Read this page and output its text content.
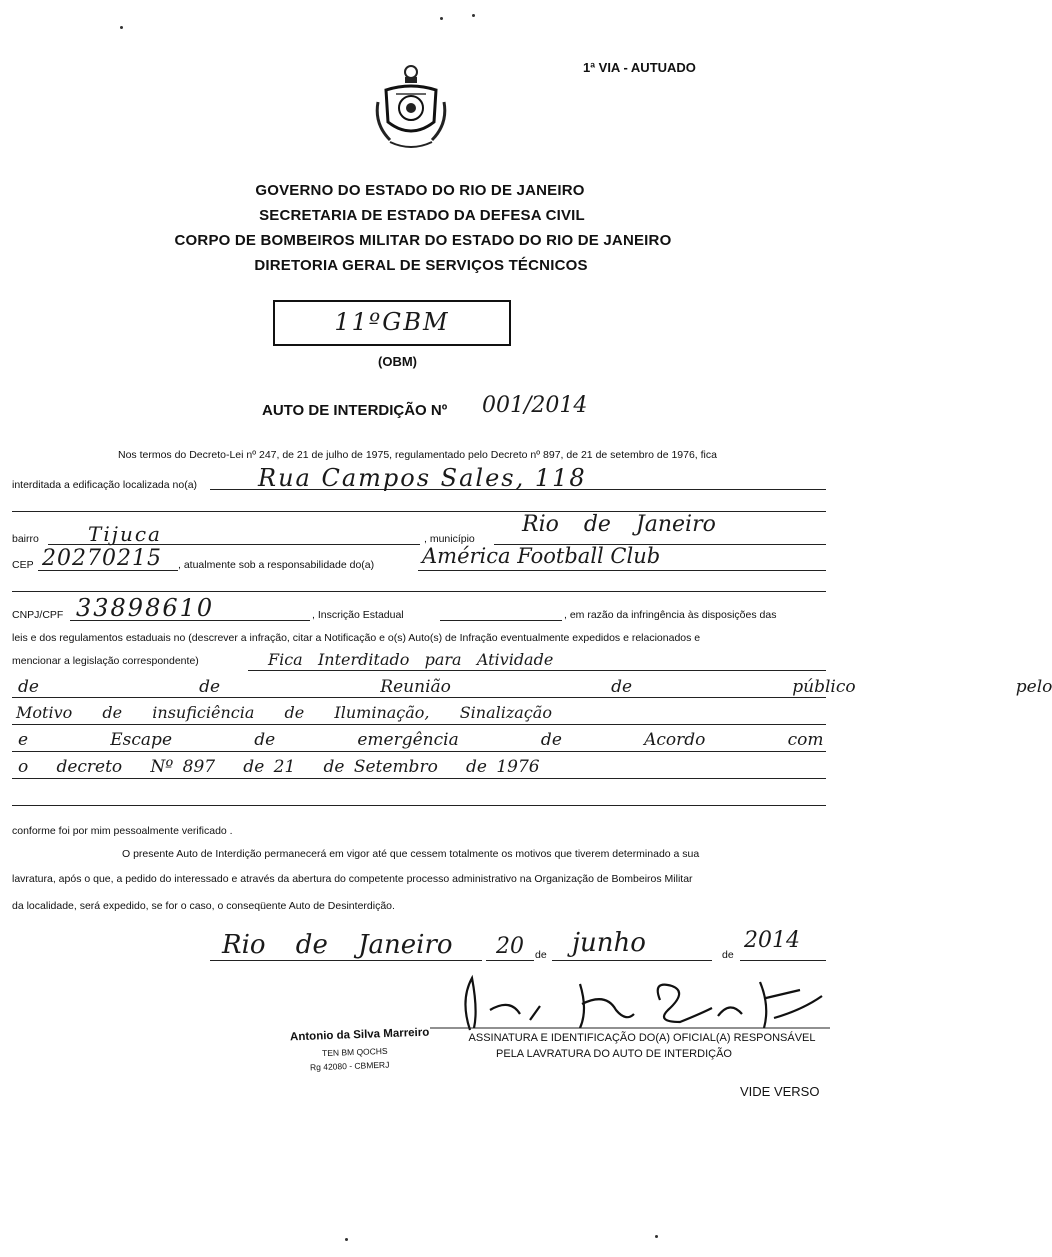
1ª VIA - AUTUADO
GOVERNO DO ESTADO DO RIO DE JANEIRO
SECRETARIA DE ESTADO DA DEFESA CIVIL
CORPO DE BOMBEIROS MILITAR DO ESTADO DO RIO DE JANEIRO
DIRETORIA GERAL DE SERVIÇOS TÉCNICOS
11ºGBM
(OBM)
AUTO DE INTERDIÇÃO Nº 001/2014
Nos termos do Decreto-Lei nº 247, de 21 de julho de 1975, regulamentado pelo Decreto nº 897, de 21 de setembro de 1976, fica
interditada a edificação localizada no(a)	Rua Campos Sales, 118
bairro Tijuca	, município
Rio de Janeiro
CEP 20270215 , atualmente sob a responsabilidade do(a) América Football Club
CNPJ/CPF 33898610	, Inscrição Estadual	, em razão da infringência às disposições das
leis e dos regulamentos estaduais no (descrever a infração, citar a Notificação e o(s) Auto(s) de Infração eventualmente expedidos e relacionados e
mencionar a legislação correspondente)	Fica   Interditado   para   Atividade
de   de   Reunião   de   público   pelo
Motivo  de  insuficiência  de  Iluminação,  Sinalização
e   Escape   de   emergência   de   Acordo   com
o   decreto   Nº 897   de 21   de Setembro   de 1976
conforme foi por mim pessoalmente verificado .
O presente Auto de Interdição permanecerá em vigor até que cessem totalmente os motivos que tiverem determinado a sua
lavratura, após o que, a pedido do interessado e através da abertura do competente processo administrativo na Organização de Bombeiros Militar
da localidade, será expedido, se for o caso, o conseqüente Auto de Desinterdição.
Rio de Janeiro 20 de junho	de
2014
Antonio da Silva Marreiro
TEN BM QOCHS
Rg 42080 - CBMERJ
ASSINATURA E IDENTIFICAÇÃO DO(A) OFICIAL(A) RESPONSÁVEL
PELA LAVRATURA DO AUTO DE INTERDIÇÃO
VIDE VERSO
